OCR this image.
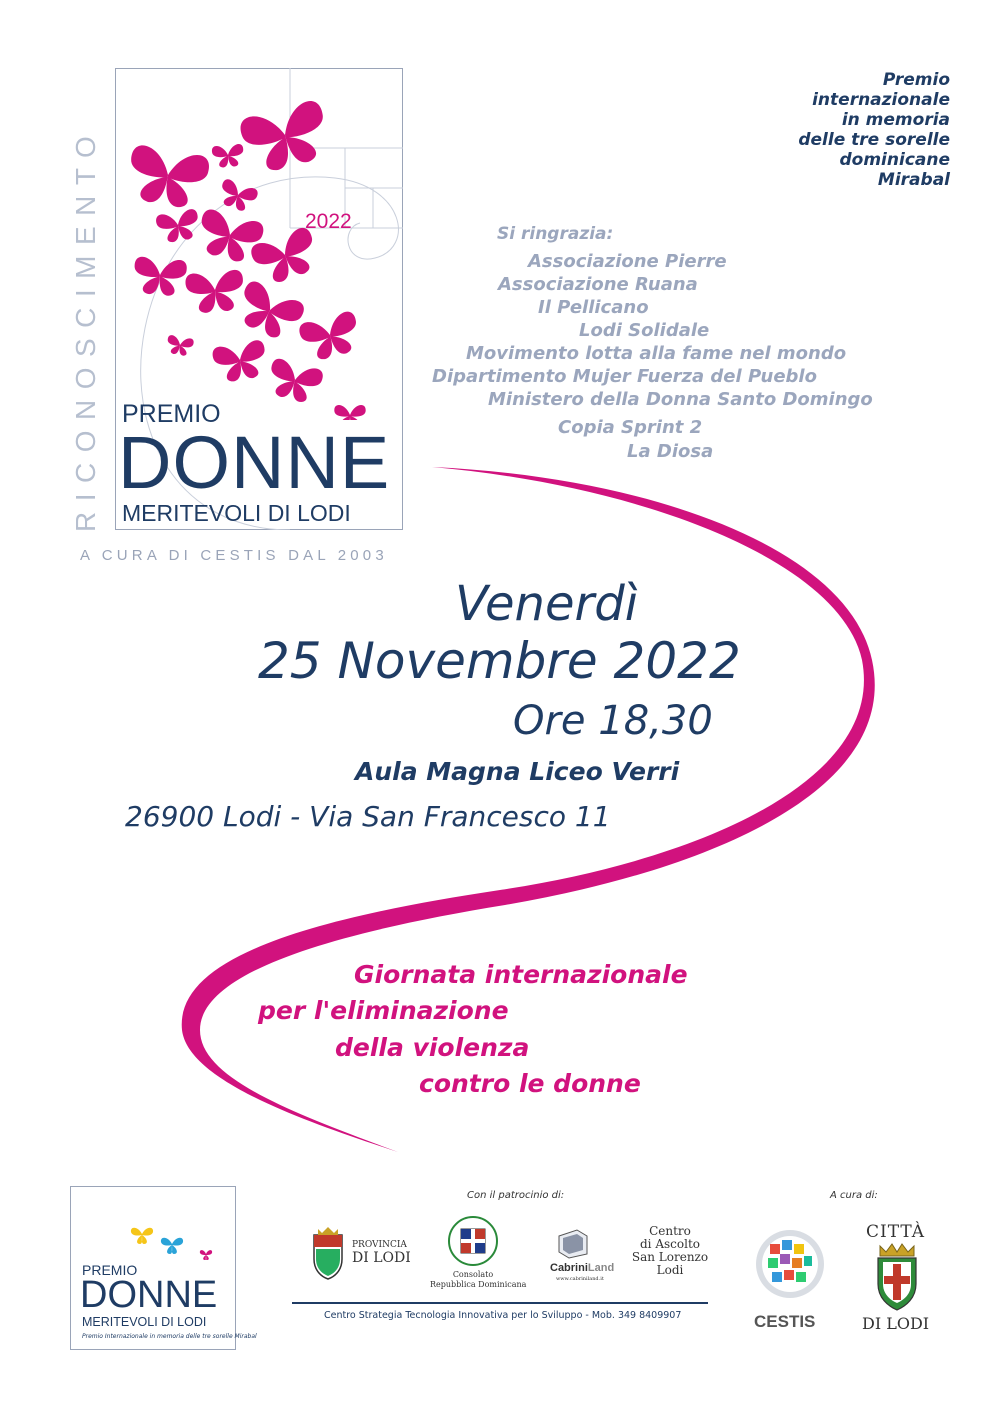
2022
PREMIO
DONNE
MERITEVOLI DI LODI
RICONOSCIMENTO
A CURA DI CESTIS DAL 2003
Premio
internazionale
in memoria
delle tre sorelle
dominicane
Mirabal
Si ringrazia:
Associazione Pierre
Associazione Ruana
Il Pellicano
Lodi Solidale
Movimento lotta alla fame nel mondo
Dipartimento Mujer Fuerza del Pueblo
Ministero della Donna Santo Domingo
Copia Sprint 2
La Diosa
Venerdì
25 Novembre 2022
Ore 18,30
Aula Magna Liceo Verri
26900 Lodi - Via San Francesco 11
Giornata internazionale
per l'eliminazione
della violenza
contro le donne
PREMIO
DONNE
MERITEVOLI DI LODI
Premio Internazionale in memoria delle tre sorelle Mirabal
Con il patrocinio di:
PROVINCIA
DI LODI
Consolato
Repubblica Dominicana
CabriniLand
www.cabriniland.it
Centro
di Ascolto
San Lorenzo
Lodi
Centro Strategia Tecnologia Innovativa per lo Sviluppo - Mob. 349 8409907
A cura di:
CESTIS
CITTÀ
DI LODI
